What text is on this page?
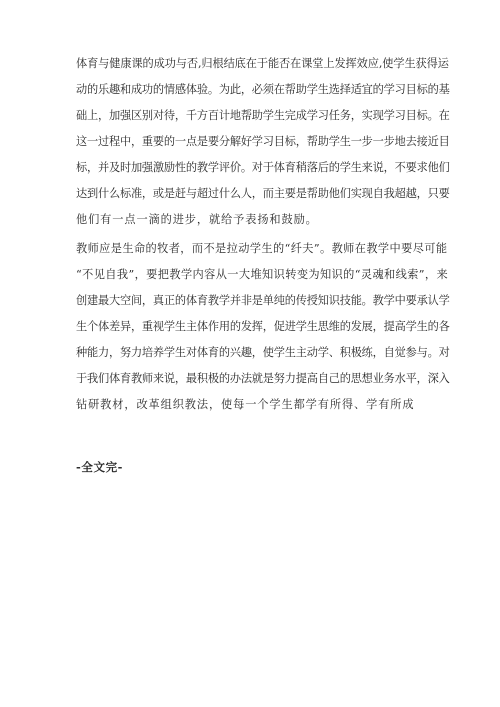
体育与健康课的成功与否,归根结底在于能否在课堂上发挥效应,使学生获得运
动的乐趣和成功的情感体验。为此，必须在帮助学生选择适宜的学习目标的基
础上，加强区别对待，千方百计地帮助学生完成学习任务，实现学习目标。在
这一过程中，重要的一点是要分解好学习目标，帮助学生一步一步地去接近目
标，并及时加强激励性的教学评价。对于体育稍落后的学生来说，不要求他们
达到什么标准，或是赶与超过什么人，而主要是帮助他们实现自我超越，只要
他们有一点一滴的进步，就给予表扬和鼓励。
教师应是生命的牧者，而不是拉动学生的“纤夫”。教师在教学中要尽可能
“不见自我”，要把教学内容从一大堆知识转变为知识的“灵魂和线索”，来
创建最大空间，真正的体育教学并非是单纯的传授知识技能。教学中要承认学
生个体差异，重视学生主体作用的发挥，促进学生思维的发展，提高学生的各
种能力，努力培养学生对体育的兴趣，使学生主动学、积极练，自觉参与。对
于我们体育教师来说，最积极的办法就是努力提高自己的思想业务水平，深入
钻研教材，改革组织教法，使每一个学生都学有所得、学有所成
-全文完-
